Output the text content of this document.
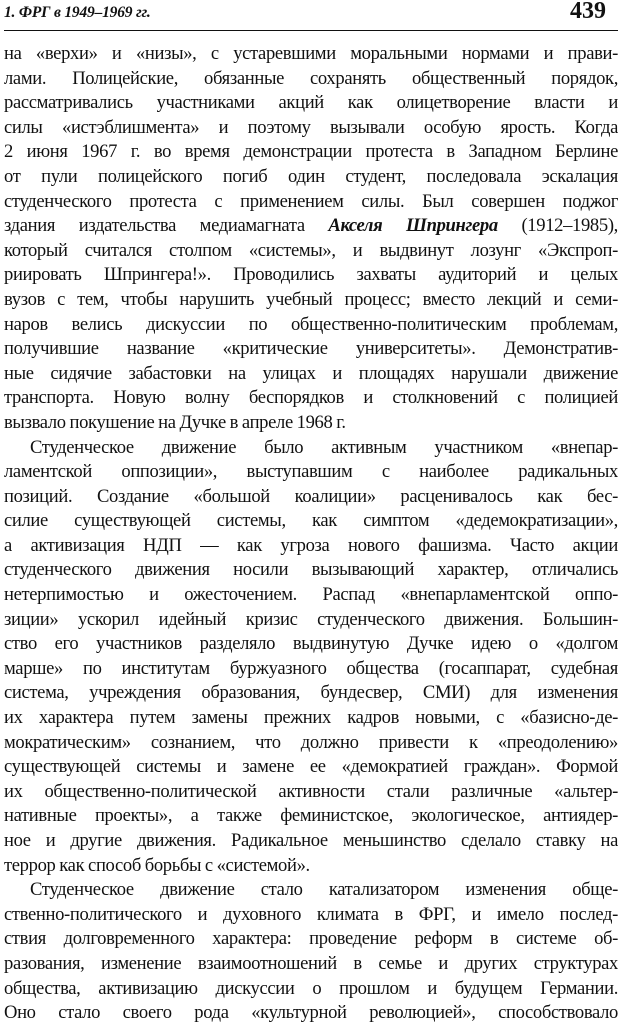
1. ФРГ в 1949–1969 гг.	439
на «верхи» и «низы», с устаревшими моральными нормами и прави-
лами. Полицейские, обязанные сохранять общественный порядок,
рассматривались участниками акций как олицетворение власти и
силы «истэблишмента» и поэтому вызывали особую ярость. Когда
2 июня 1967 г. во время демонстрации протеста в Западном Берлине
от пули полицейского погиб один студент, последовала эскалация
студенческого протеста с применением силы. Был совершен поджог
здания издательства медиамагната Акселя Шпрингера (1912–1985),
который считался столпом «системы», и выдвинут лозунг «Экспроп-
риировать Шпрингера!». Проводились захваты аудиторий и целых
вузов с тем, чтобы нарушить учебный процесс; вместо лекций и семи-
наров велись дискуссии по общественно-политическим проблемам,
получившие название «критические университеты». Демонстратив-
ные сидячие забастовки на улицах и площадях нарушали движение
транспорта. Новую волну беспорядков и столкновений с полицией
вызвало покушение на Дучке в апреле 1968 г.
Студенческое движение было активным участником «внепар-
ламентской оппозиции», выступавшим с наиболее радикальных
позиций. Создание «большой коалиции» расценивалось как бес-
силие существующей системы, как симптом «дедемократизации»,
а активизация НДП — как угроза нового фашизма. Часто акции
студенческого движения носили вызывающий характер, отличались
нетерпимостью и ожесточением. Распад «внепарламентской оппо-
зиции» ускорил идейный кризис студенческого движения. Большин-
ство его участников разделяло выдвинутую Дучке идею о «долгом
марше» по институтам буржуазного общества (госаппарат, судебная
система, учреждения образования, бундесвер, СМИ) для изменения
их характера путем замены прежних кадров новыми, с «базисно-де-
мократическим» сознанием, что должно привести к «преодолению»
существующей системы и замене ее «демократией граждан». Формой
их общественно-политической активности стали различные «альтер-
нативные проекты», а также феминистское, экологическое, антиядер-
ное и другие движения. Радикальное меньшинство сделало ставку на
террор как способ борьбы с «системой».
Студенческое движение стало катализатором изменения обще-
ственно-политического и духовного климата в ФРГ, и имело послед-
ствия долговременного характера: проведение реформ в системе об-
разования, изменение взаимоотношений в семье и других структурах
общества, активизацию дискуссии о прошлом и будущем Германии.
Оно стало своего рода «культурной революцией», способствовало
